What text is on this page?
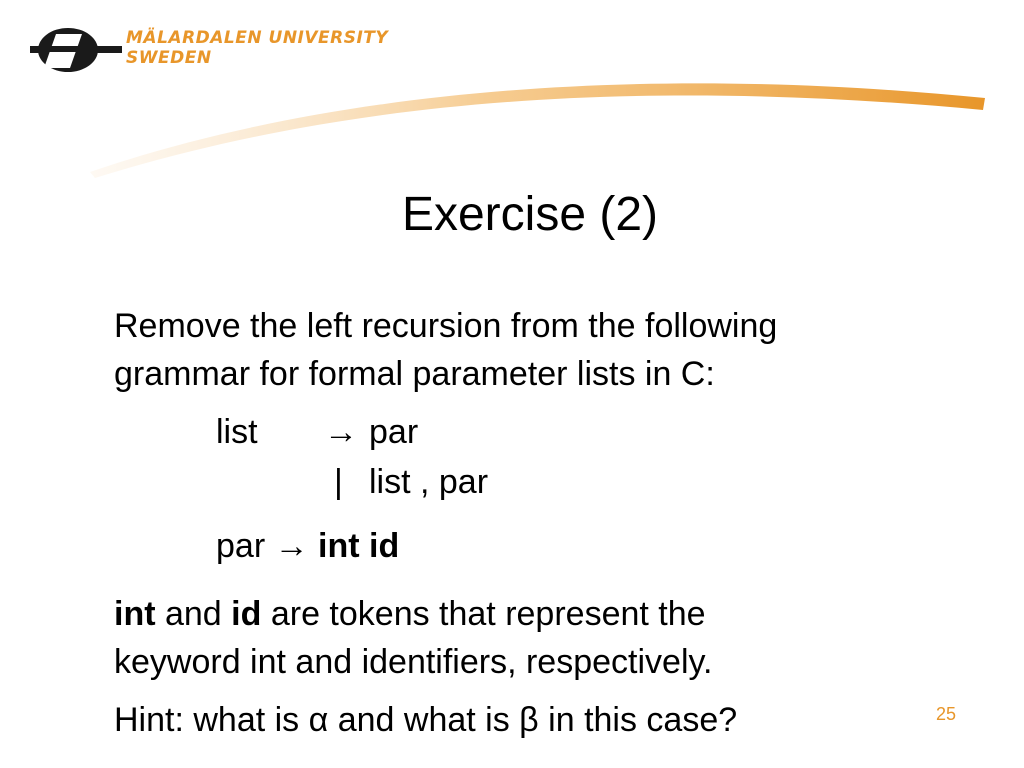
MÄLARDALEN UNIVERSITY
SWEDEN
Exercise (2)

Remove the left recursion from the following
grammar for formal parameter lists in C:

list → par
| list , par
par → int id

int and id are tokens that represent the
keyword int and identifiers, respectively.

Hint: what is α and what is β in this case?	25
